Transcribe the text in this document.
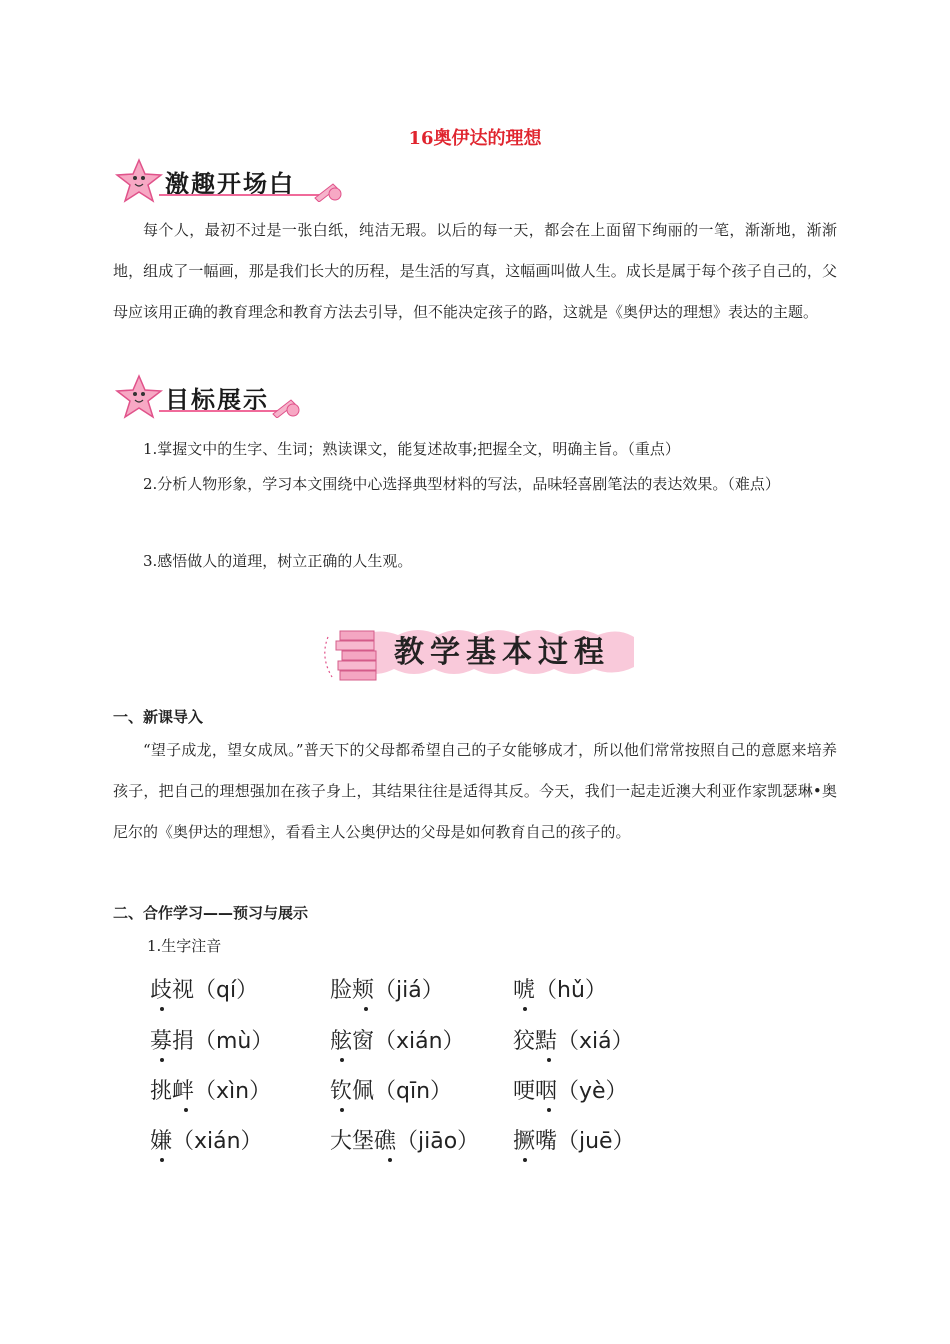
16奥伊达的理想
激趣开场白

每个人，最初不过是一张白纸，纯洁无瑕。以后的每一天，都会在上面留下绚丽的一笔，渐渐地，渐渐地，组成了一幅画，那是我们长大的历程，是生活的写真，这幅画叫做人生。成长是属于每个孩子自己的，父母应该用正确的教育理念和教育方法去引导，但不能决定孩子的路，这就是《奥伊达的理想》表达的主题。

目标展示

1.掌握文中的生字、生词；熟读课文，能复述故事;把握全文，明确主旨。（重点）

2.分析人物形象，学习本文围绕中心选择典型材料的写法，品味轻喜剧笔法的表达效果。（难点）

3.感悟做人的道理，树立正确的人生观。

教学基本过程
一、新课导入

“望子成龙，望女成凤。”普天下的父母都希望自己的子女能够成才，所以他们常常按照自己的意愿来培养孩子，把自己的理想强加在孩子身上，其结果往往是适得其反。今天，我们一起走近澳大利亚作家凯瑟琳•奥尼尔的《奥伊达的理想》，看看主人公奥伊达的父母是如何教育自己的孩子的。

二、合作学习——预习与展示
1.生字注音
歧视（qí）	脸颊（jiá）	唬（hǔ）
募捐（mù）	舷窗（xián） 狡黠（xiá）
挑衅（xìn）	钦佩（qīn）	哽咽（yè）
嫌（xián）	大堡礁（jiāo） 撅嘴（juē）
